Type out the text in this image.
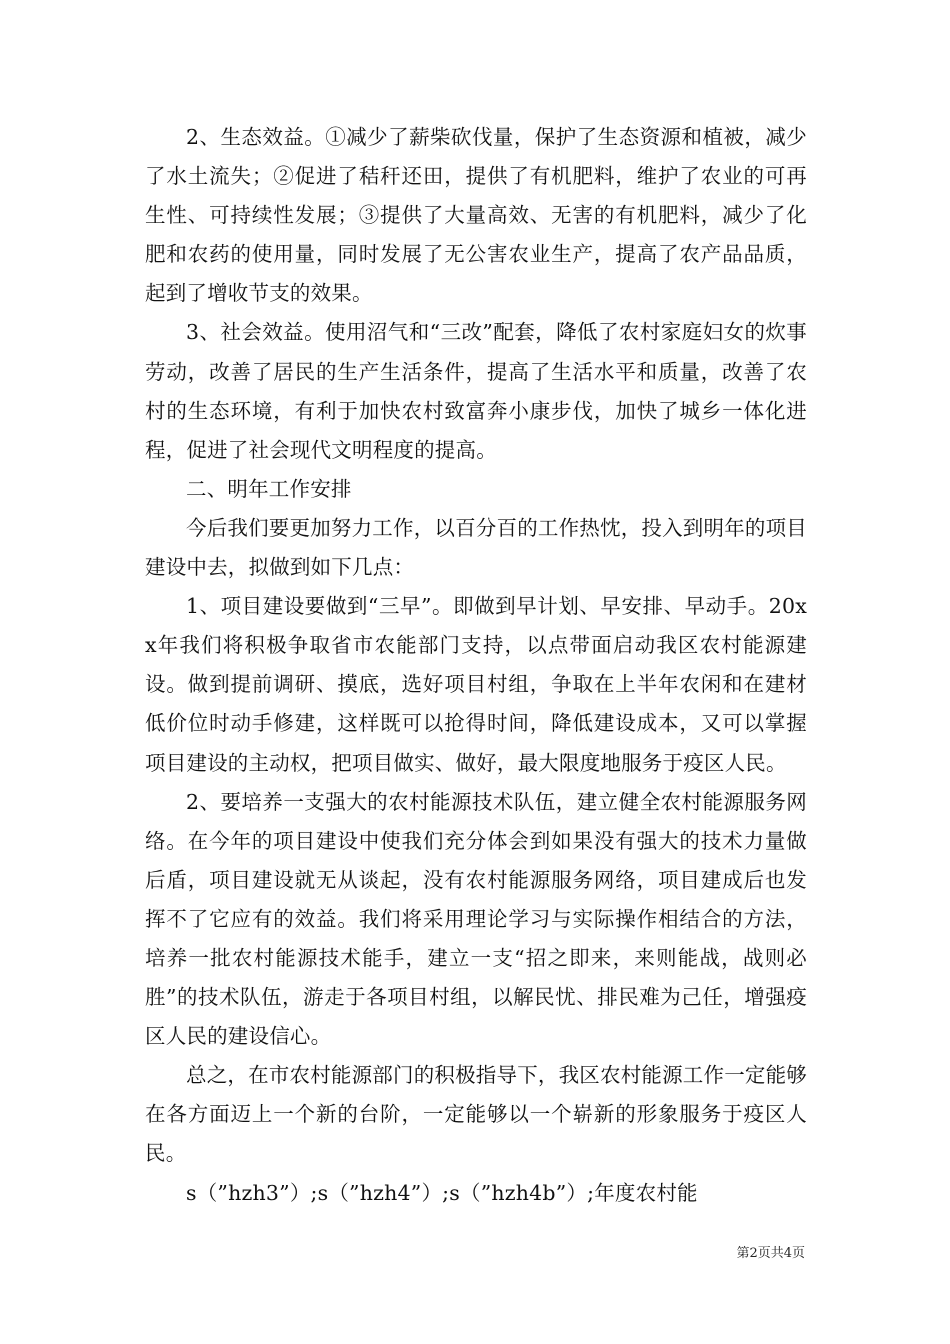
2、生态效益。①减少了薪柴砍伐量，保护了生态资源和植被，减少了水土流失；②促进了秸秆还田，提供了有机肥料，维护了农业的可再生性、可持续性发展；③提供了大量高效、无害的有机肥料，减少了化肥和农药的使用量，同时发展了无公害农业生产，提高了农产品品质，起到了增收节支的效果。

3、社会效益。使用沼气和“三改”配套，降低了农村家庭妇女的炊事劳动，改善了居民的生产生活条件，提高了生活水平和质量，改善了农村的生态环境，有利于加快农村致富奔小康步伐，加快了城乡一体化进程，促进了社会现代文明程度的提高。

二、明年工作安排

今后我们要更加努力工作，以百分百的工作热忱，投入到明年的项目建设中去，拟做到如下几点：

1、项目建设要做到“三早”。即做到早计划、早安排、早动手。20xx年我们将积极争取省市农能部门支持，以点带面启动我区农村能源建设。做到提前调研、摸底，选好项目村组，争取在上半年农闲和在建材低价位时动手修建，这样既可以抢得时间，降低建设成本，又可以掌握项目建设的主动权，把项目做实、做好，最大限度地服务于疫区人民。

2、要培养一支强大的农村能源技术队伍，建立健全农村能源服务网络。在今年的项目建设中使我们充分体会到如果没有强大的技术力量做后盾，项目建设就无从谈起，没有农村能源服务网络，项目建成后也发挥不了它应有的效益。我们将采用理论学习与实际操作相结合的方法，培养一批农村能源技术能手，建立一支“招之即来，来则能战，战则必胜”的技术队伍，游走于各项目村组，以解民忧、排民难为己任，增强疫区人民的建设信心。

总之，在市农村能源部门的积极指导下，我区农村能源工作一定能够在各方面迈上一个新的台阶，一定能够以一个崭新的形象服务于疫区人民。

s（”hzh3”）;s（”hzh4”）;s（”hzh4b”）;年度农村能

第2页共4页
